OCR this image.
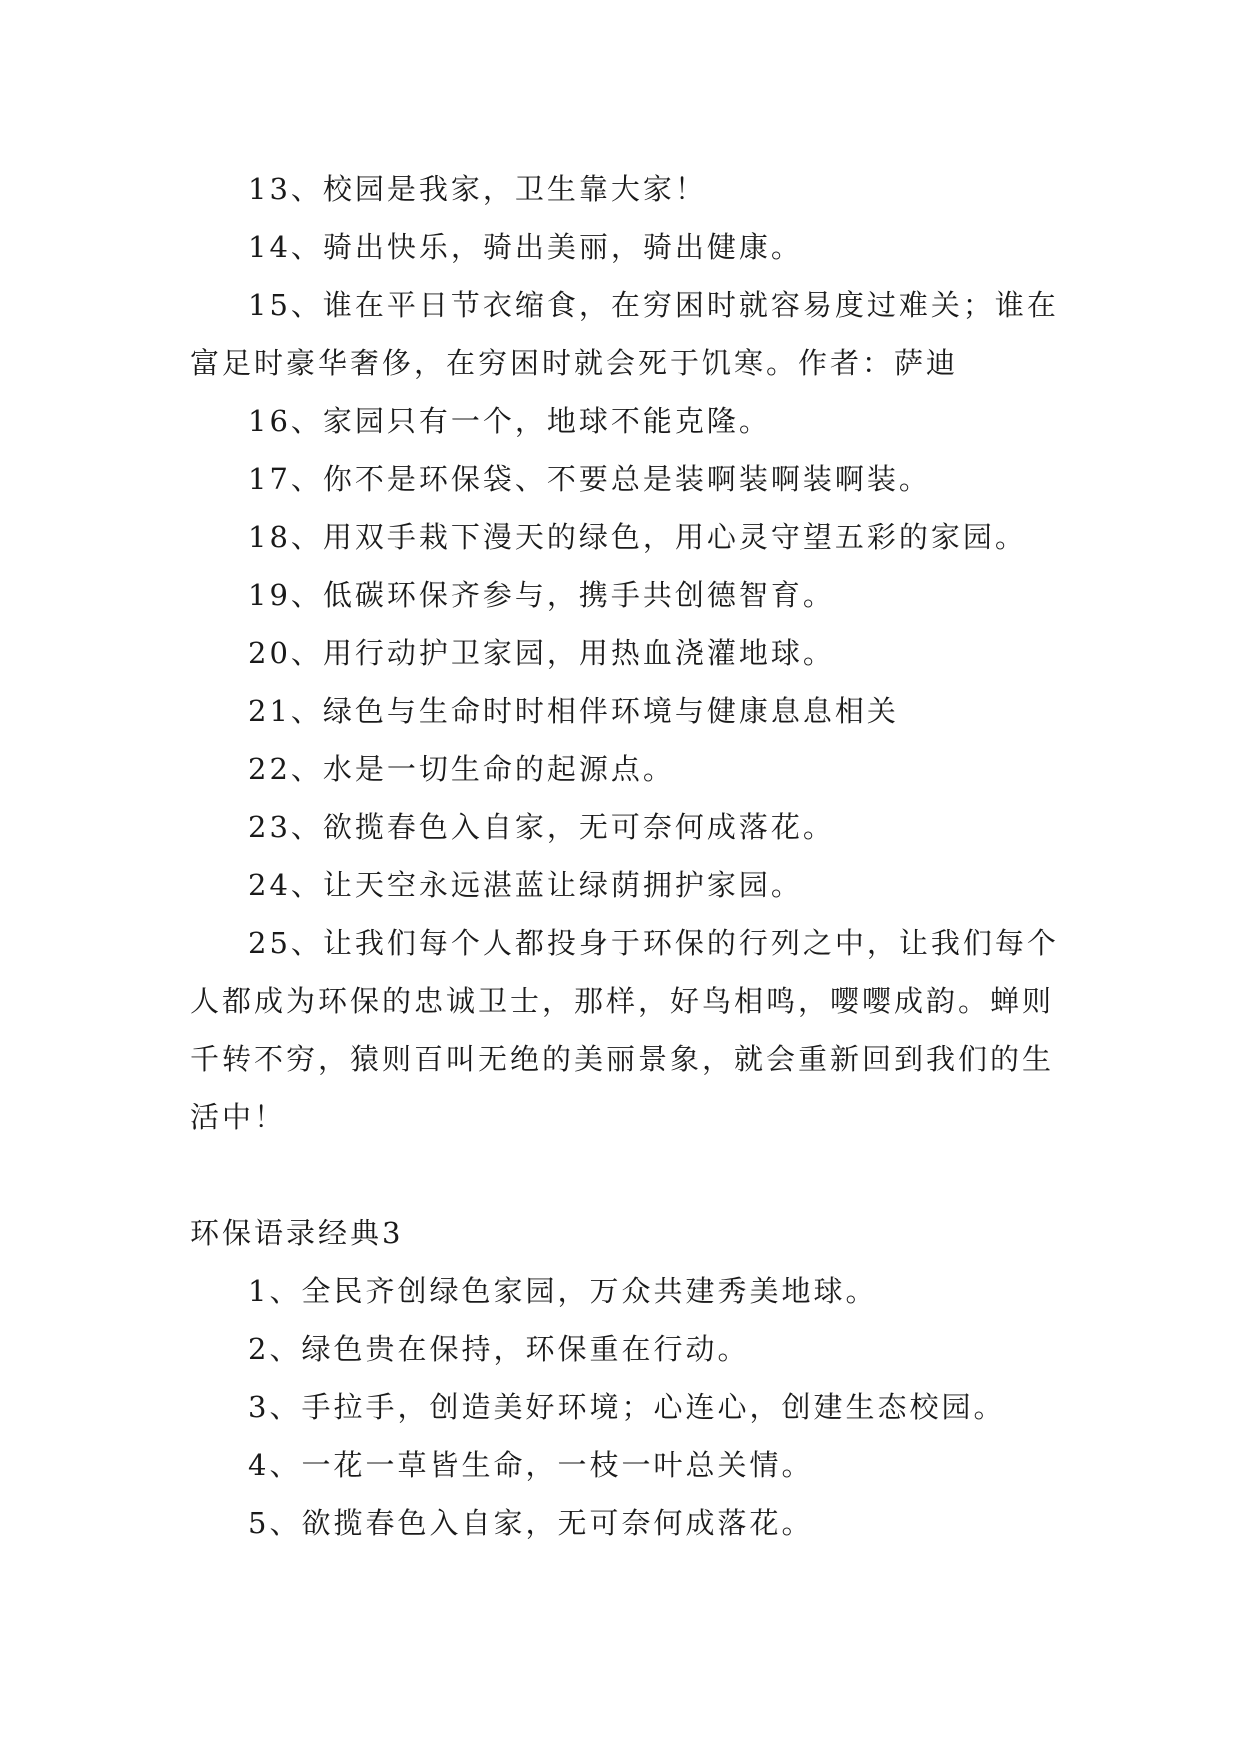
13、校园是我家，卫生靠大家！

14、骑出快乐，骑出美丽，骑出健康。

15、谁在平日节衣缩食，在穷困时就容易度过难关；谁在富足时豪华奢侈，在穷困时就会死于饥寒。作者：萨迪

16、家园只有一个，地球不能克隆。

17、你不是环保袋、不要总是装啊装啊装啊装。

18、用双手栽下漫天的绿色，用心灵守望五彩的家园。

19、低碳环保齐参与，携手共创德智育。

20、用行动护卫家园，用热血浇灌地球。

21、绿色与生命时时相伴环境与健康息息相关

22、水是一切生命的起源点。

23、欲揽春色入自家，无可奈何成落花。

24、让天空永远湛蓝让绿荫拥护家园。

25、让我们每个人都投身于环保的行列之中，让我们每个人都成为环保的忠诚卫士，那样，好鸟相鸣，嘤嘤成韵。蝉则千转不穷，猿则百叫无绝的美丽景象，就会重新回到我们的生活中！

环保语录经典3

1、全民齐创绿色家园，万众共建秀美地球。

2、绿色贵在保持，环保重在行动。

3、手拉手，创造美好环境；心连心，创建生态校园。

4、一花一草皆生命，一枝一叶总关情。

5、欲揽春色入自家，无可奈何成落花。
